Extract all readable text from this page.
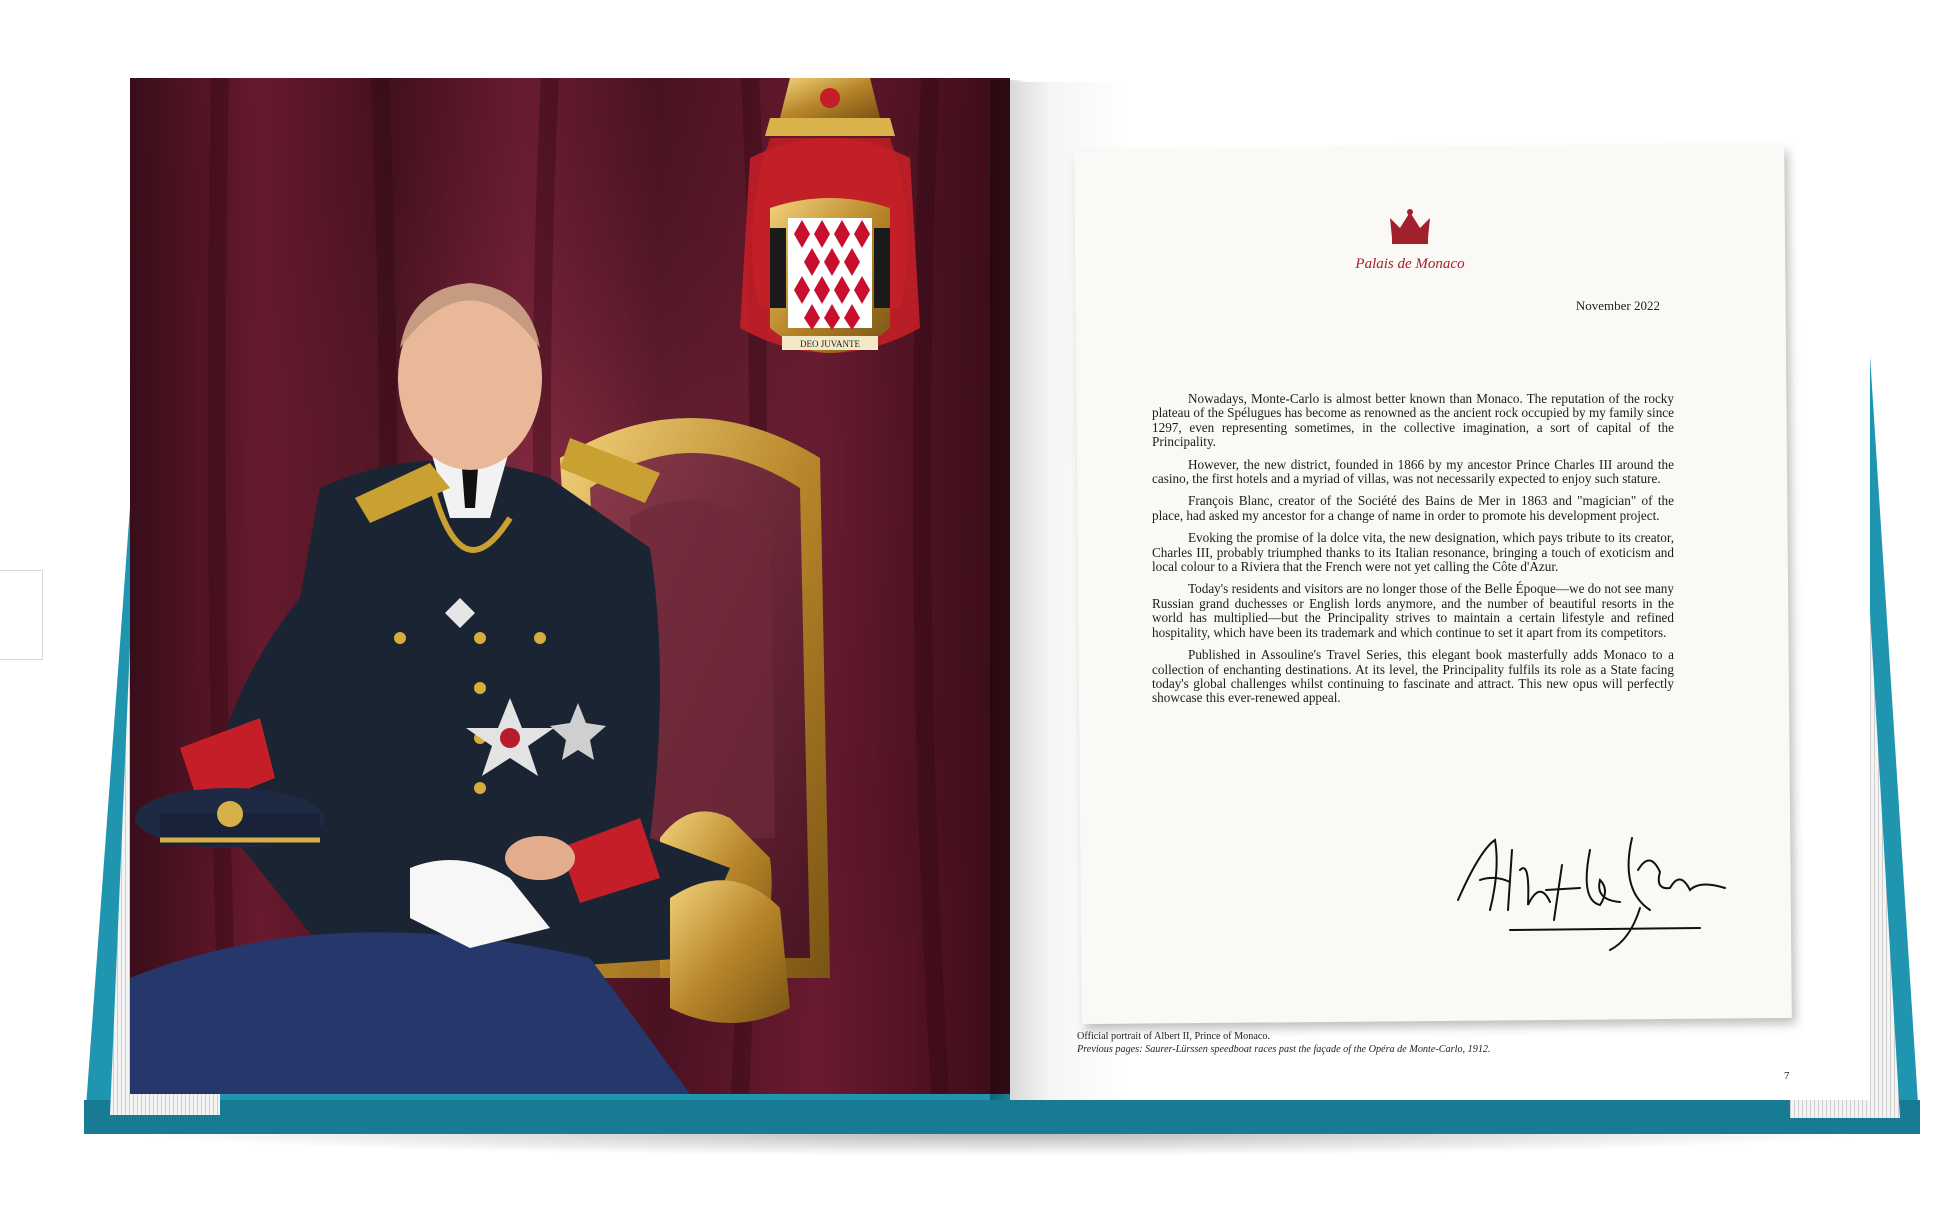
DEO JUVANTE
Palais de Monaco
November 2022

Nowadays, Monte-Carlo is almost better known than Monaco. The reputation of the rocky plateau of the Spélugues has become as renowned as the ancient rock occupied by my family since 1297, even representing sometimes, in the collective imagination, a sort of capital of the Principality.

However, the new district, founded in 1866 by my ancestor Prince Charles III around the casino, the first hotels and a myriad of villas, was not necessarily expected to enjoy such stature.

François Blanc, creator of the Société des Bains de Mer in 1863 and "magician" of the place, had asked my ancestor for a change of name in order to promote his development project.

Evoking the promise of la dolce vita, the new designation, which pays tribute to its creator, Charles III, probably triumphed thanks to its Italian resonance, bringing a touch of exoticism and local colour to a Riviera that the French were not yet calling the Côte d'Azur.

Today's residents and visitors are no longer those of the Belle Époque—we do not see many Russian grand duchesses or English lords anymore, and the number of beautiful resorts in the world has multiplied—but the Principality strives to maintain a certain lifestyle and refined hospitality, which have been its trademark and which continue to set it apart from its competitors.

Published in Assouline's Travel Series, this elegant book masterfully adds Monaco to a collection of enchanting destinations. At its level, the Principality fulfils its role as a State facing today's global challenges whilst continuing to fascinate and attract. This new opus will perfectly showcase this ever-renewed appeal.

Official portrait of Albert II, Prince of Monaco.
Previous pages: Saurer-Lürssen speedboat races past the façade of the Opéra de Monte-Carlo, 1912.
7
